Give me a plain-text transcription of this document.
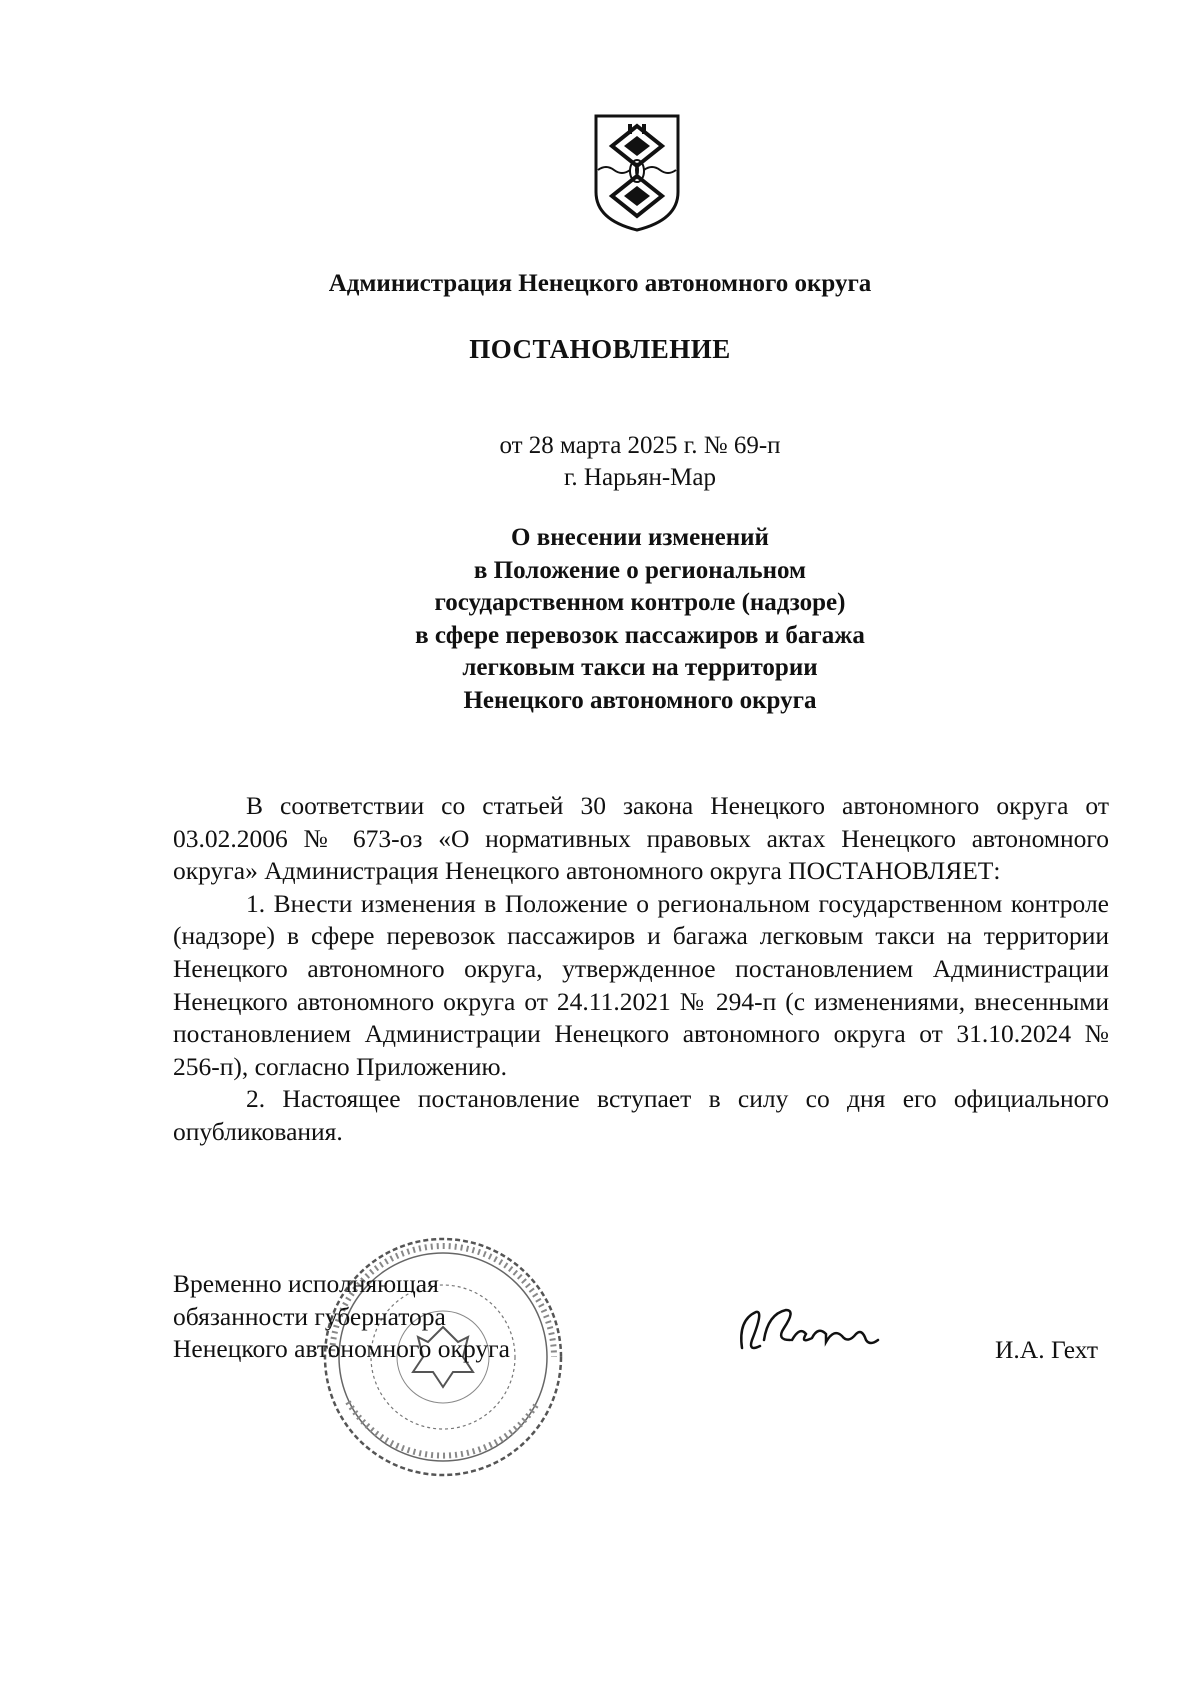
Администрация Ненецкого автономного округа
ПОСТАНОВЛЕНИЕ
от 28 марта 2025 г. № 69-п
г. Нарьян-Мар
О внесении изменений
в Положение о региональном
государственном контроле (надзоре)
в сфере перевозок пассажиров и багажа
легковым такси на территории
Ненецкого автономного округа

В соответствии со статьей 30 закона Ненецкого автономного округа от 03.02.2006 № 673-оз «О нормативных правовых актах Ненецкого автономного округа» Администрация Ненецкого автономного округа ПОСТАНОВЛЯЕТ:

1. Внести изменения в Положение о региональном государственном контроле (надзоре) в сфере перевозок пассажиров и багажа легковым такси на территории Ненецкого автономного округа, утвержденное постановлением Администрации Ненецкого автономного округа от 24.11.2021 № 294-п (с изменениями, внесенными постановлением Администрации Ненецкого автономного округа от 31.10.2024 № 256-п), согласно Приложению.

2. Настоящее постановление вступает в силу со дня его официального опубликования.

Временно исполняющая
обязанности губернатора
Ненецкого автономного округа	И.А. Гехт
